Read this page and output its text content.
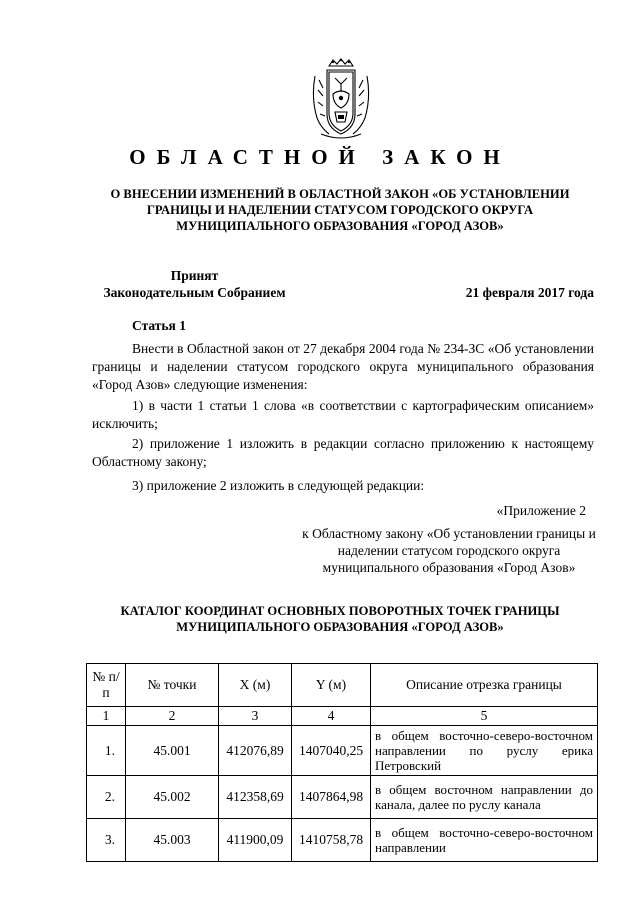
ОБЛАСТНОЙ ЗАКОН
О ВНЕСЕНИИ ИЗМЕНЕНИЙ В ОБЛАСТНОЙ ЗАКОН «ОБ УСТАНОВЛЕНИИ ГРАНИЦЫ И НАДЕЛЕНИИ СТАТУСОМ ГОРОДСКОГО ОКРУГА МУНИЦИПАЛЬНОГО ОБРАЗОВАНИЯ «ГОРОД АЗОВ»
Принят
Законодательным Собранием	21 февраля 2017 года
Статья 1
Внести в Областной закон от 27 декабря 2004 года № 234-ЗС «Об установлении границы и наделении статусом городского округа муниципального образования «Город Азов» следующие изменения:
1) в части 1 статьи 1 слова «в соответствии с картографическим описанием» исключить;
2) приложение 1 изложить в редакции согласно приложению к настоящему Областному закону;
3) приложение 2 изложить в следующей редакции:
«Приложение 2
к Областному закону «Об установлении границы и наделении статусом городского округа муниципального образования «Город Азов»
КАТАЛОГ КООРДИНАТ ОСНОВНЫХ ПОВОРОТНЫХ ТОЧЕК ГРАНИЦЫ МУНИЦИПАЛЬНОГО ОБРАЗОВАНИЯ «ГОРОД АЗОВ»
№ п/п	№ точки	X (м)	Y (м)	Описание отрезка границы
1	2	3	4	5
1.	45.001	412076,89	1407040,25	в общем восточно-северо-восточном направлении по руслу ерика Петровский
2.	45.002	412358,69	1407864,98	в общем восточном направлении до канала, далее по руслу канала
3.	45.003	411900,09	1410758,78	в общем восточно-северо-восточном направлении
